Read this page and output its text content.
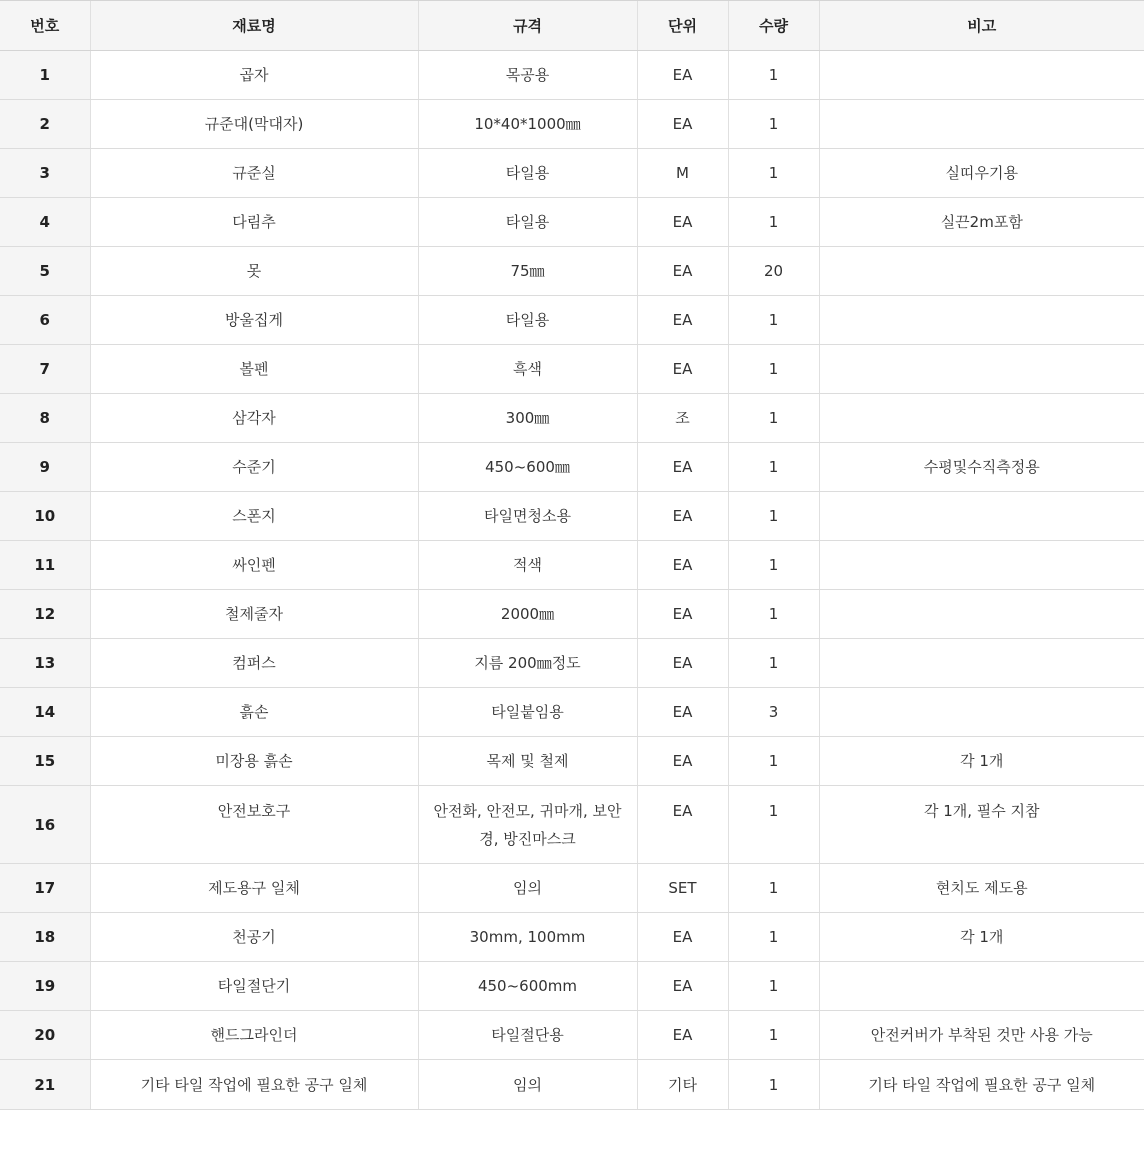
번호	재료명	규격	단위	수량	비고
1	곱자	목공용	EA	1	
2	규준대(막대자)	10*40*1000㎜	EA	1	
3	규준실	타일용	M	1	실띠우기용
4	다림추	타일용	EA	1	실끈2m포함
5	못	75㎜	EA	20	
6	방울집게	타일용	EA	1	
7	볼펜	흑색	EA	1	
8	삼각자	300㎜	조	1	
9	수준기	450~600㎜	EA	1	수평및수직측정용
10	스폰지	타일면청소용	EA	1	
11	싸인펜	적색	EA	1	
12	철제줄자	2000㎜	EA	1	
13	컴퍼스	지름 200㎜정도	EA	1	
14	흙손	타일붙임용	EA	3	
15	미장용 흙손	목제 및 철제	EA	1	각 1개
16	안전보호구	안전화, 안전모, 귀마개, 보안경, 방진마스크	EA	1	각 1개, 필수 지참
17	제도용구 일체	임의	SET	1	현치도 제도용
18	천공기	30mm, 100mm	EA	1	각 1개
19	타일절단기	450~600mm	EA	1	
20	핸드그라인더	타일절단용	EA	1	안전커버가 부착된 것만 사용 가능
21	기타 타일 작업에 필요한 공구 일체	임의	기타	1	기타 타일 작업에 필요한 공구 일체
